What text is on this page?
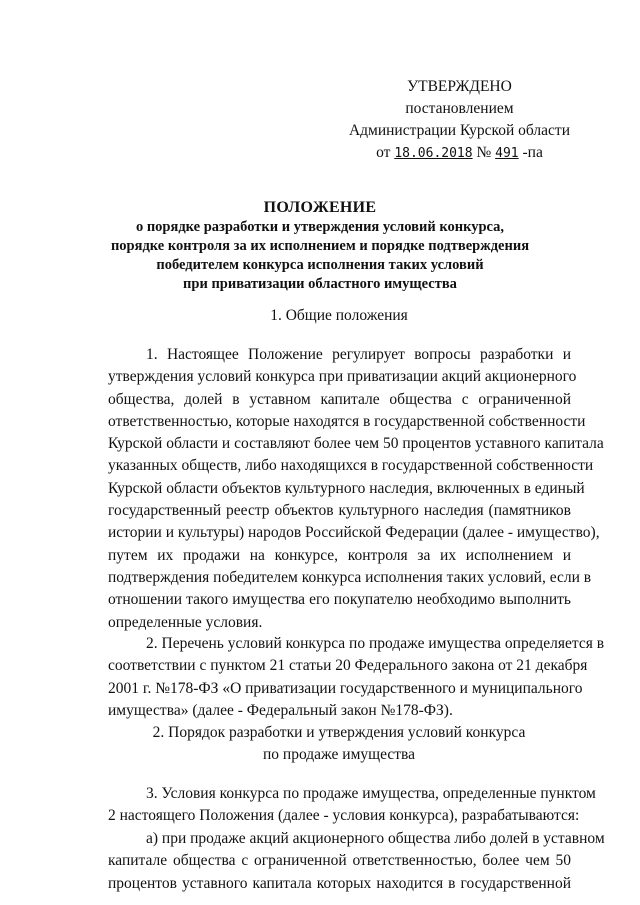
УТВЕРЖДЕНО
постановлением
Администрации Курской области
от 18.06.2018 № 491 -па
ПОЛОЖЕНИЕ
о порядке разработки и утверждения условий конкурса,
порядке контроля за их исполнением и порядке подтверждения
победителем конкурса исполнения таких условий
при приватизации областного имущества
1. Общие положения
1. Настоящее Положение регулирует вопросы разработки и
утверждения условий конкурса при приватизации акций акционерного
общества, долей в уставном капитале общества с ограниченной
ответственностью, которые находятся в государственной собственности
Курской области и составляют более чем 50 процентов уставного капитала
указанных обществ, либо находящихся в государственной собственности
Курской области объектов культурного наследия, включенных в единый
государственный реестр объектов культурного наследия (памятников
истории и культуры) народов Российской Федерации (далее - имущество),
путем их продажи на конкурсе, контроля за их исполнением и
подтверждения победителем конкурса исполнения таких условий, если в
отношении такого имущества его покупателю необходимо выполнить
определенные условия.
2. Перечень условий конкурса по продаже имущества определяется в
соответствии с пунктом 21 статьи 20 Федерального закона от 21 декабря
2001 г. №178-ФЗ «О приватизации государственного и муниципального
имущества» (далее - Федеральный закон №178-ФЗ).
2. Порядок разработки и утверждения условий конкурса
по продаже имущества
3. Условия конкурса по продаже имущества, определенные пунктом
2 настоящего Положения (далее - условия конкурса), разрабатываются:
а) при продаже акций акционерного общества либо долей в уставном
капитале общества с ограниченной ответственностью, более чем 50
процентов уставного капитала которых находится в государственной
